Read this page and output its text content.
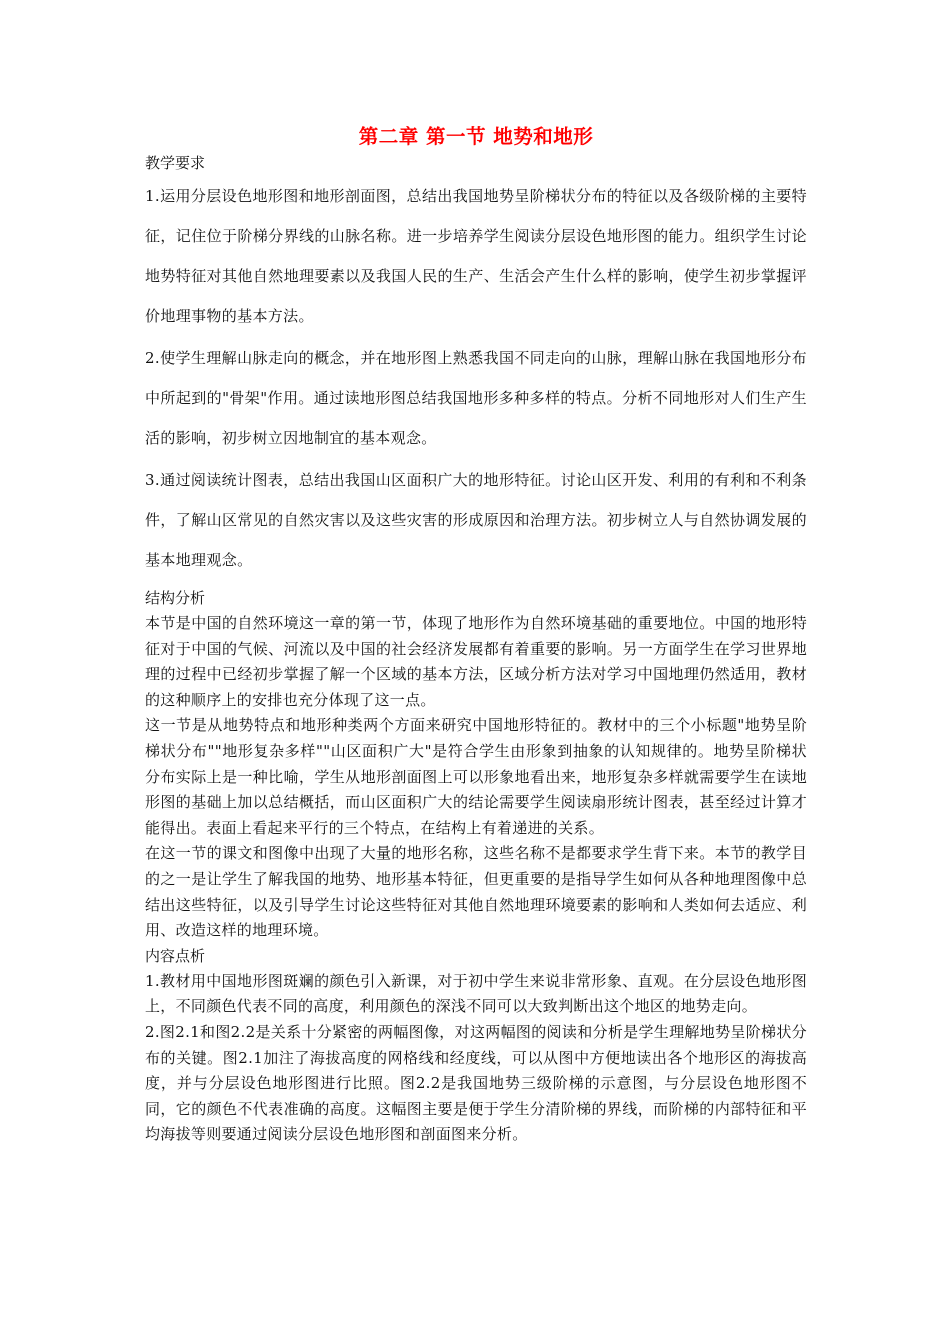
第二章 第一节 地势和地形

教学要求

1.运用分层设色地形图和地形剖面图，总结出我国地势呈阶梯状分布的特征以及各级阶梯的主要特征，记住位于阶梯分界线的山脉名称。进一步培养学生阅读分层设色地形图的能力。组织学生讨论地势特征对其他自然地理要素以及我国人民的生产、生活会产生什么样的影响，使学生初步掌握评价地理事物的基本方法。

2.使学生理解山脉走向的概念，并在地形图上熟悉我国不同走向的山脉，理解山脉在我国地形分布中所起到的"骨架"作用。通过读地形图总结我国地形多种多样的特点。分析不同地形对人们生产生活的影响，初步树立因地制宜的基本观念。

3.通过阅读统计图表，总结出我国山区面积广大的地形特征。讨论山区开发、利用的有利和不利条件，了解山区常见的自然灾害以及这些灾害的形成原因和治理方法。初步树立人与自然协调发展的基本地理观念。

结构分析

本节是中国的自然环境这一章的第一节，体现了地形作为自然环境基础的重要地位。中国的地形特征对于中国的气候、河流以及中国的社会经济发展都有着重要的影响。另一方面学生在学习世界地理的过程中已经初步掌握了解一个区域的基本方法，区域分析方法对学习中国地理仍然适用，教材的这种顺序上的安排也充分体现了这一点。

这一节是从地势特点和地形种类两个方面来研究中国地形特征的。教材中的三个小标题"地势呈阶梯状分布""地形复杂多样""山区面积广大"是符合学生由形象到抽象的认知规律的。地势呈阶梯状分布实际上是一种比喻，学生从地形剖面图上可以形象地看出来，地形复杂多样就需要学生在读地形图的基础上加以总结概括，而山区面积广大的结论需要学生阅读扇形统计图表，甚至经过计算才能得出。表面上看起来平行的三个特点，在结构上有着递进的关系。

在这一节的课文和图像中出现了大量的地形名称，这些名称不是都要求学生背下来。本节的教学目的之一是让学生了解我国的地势、地形基本特征，但更重要的是指导学生如何从各种地理图像中总结出这些特征，以及引导学生讨论这些特征对其他自然地理环境要素的影响和人类如何去适应、利用、改造这样的地理环境。

内容点析

1.教材用中国地形图斑斓的颜色引入新课，对于初中学生来说非常形象、直观。在分层设色地形图上，不同颜色代表不同的高度，利用颜色的深浅不同可以大致判断出这个地区的地势走向。

2.图2.1和图2.2是关系十分紧密的两幅图像，对这两幅图的阅读和分析是学生理解地势呈阶梯状分布的关键。图2.1加注了海拔高度的网格线和经度线，可以从图中方便地读出各个地形区的海拔高度，并与分层设色地形图进行比照。图2.2是我国地势三级阶梯的示意图，与分层设色地形图不同，它的颜色不代表准确的高度。这幅图主要是便于学生分清阶梯的界线，而阶梯的内部特征和平均海拔等则要通过阅读分层设色地形图和剖面图来分析。
